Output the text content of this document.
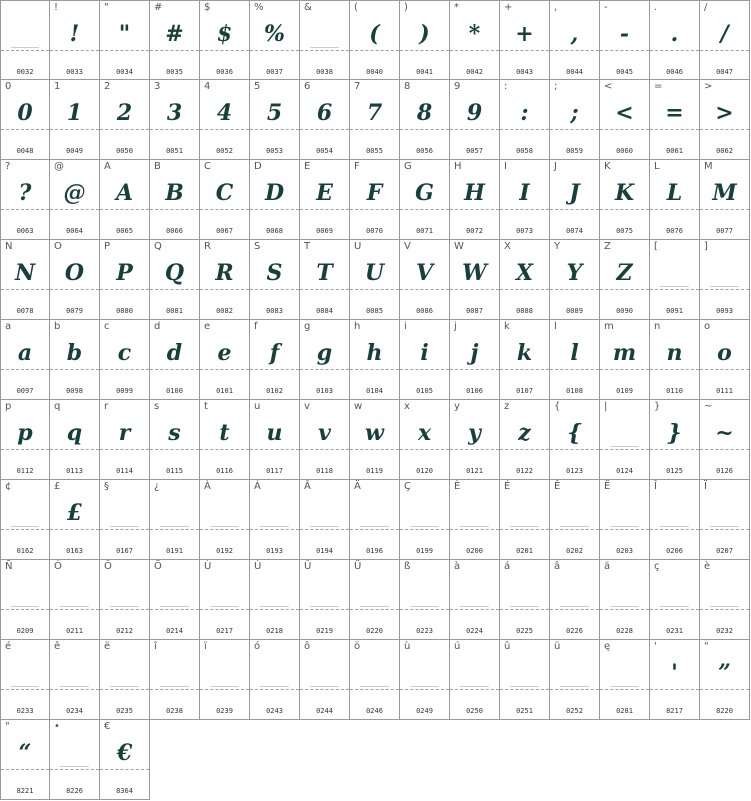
0032
!
!
0033
"
"
0034
#
#
0035
$
$
0036
%
%
0037
&
0038
(
(
0040
)
)
0041
*
*
0042
+
+
0043
,
,
0044
-
-
0045
.
.
0046
/
/
0047
0
0
0048
1
1
0049
2
2
0050
3
3
0051
4
4
0052
5
5
0053
6
6
0054
7
7
0055
8
8
0056
9
9
0057
:
:
0058
;
;
0059
<
<
0060
=
=
0061
>
>
0062
?
?
0063
@
@
0064
A
A
0065
B
B
0066
C
C
0067
D
D
0068
E
E
0069
F
F
0070
G
G
0071
H
H
0072
I
I
0073
J
J
0074
K
K
0075
L
L
0076
M
M
0077
N
N
0078
O
O
0079
P
P
0080
Q
Q
0081
R
R
0082
S
S
0083
T
T
0084
U
U
0085
V
V
0086
W
W
0087
X
X
0088
Y
Y
0089
Z
Z
0090
[
0091
]
0093
a
a
0097
b
b
0098
c
c
0099
d
d
0100
e
e
0101
f
f
0102
g
g
0103
h
h
0104
i
i
0105
j
j
0106
k
k
0107
l
l
0108
m
m
0109
n
n
0110
o
o
0111
p
p
0112
q
q
0113
r
r
0114
s
s
0115
t
t
0116
u
u
0117
v
v
0118
w
w
0119
x
x
0120
y
y
0121
z
z
0122
{
{
0123
|
0124
}
}
0125
~
~
0126
¢
0162
£
£
0163
§
0167
¿
0191
À
0192
Á
0193
Â
0194
Ä
0196
Ç
0199
È
0200
É
0201
Ê
0202
Ë
0203
Î
0206
Ï
0207
Ñ
0209
Ó
0211
Ô
0212
Ö
0214
Ù
0217
Ú
0218
Û
0219
Ü
0220
ß
0223
à
0224
á
0225
â
0226
ä
0228
ç
0231
è
0232
é
0233
ê
0234
ë
0235
î
0238
ï
0239
ó
0243
ô
0244
ö
0246
ù
0249
ú
0250
û
0251
ü
0252
ę
0281
'
'
8217
"
”
8220
"
“
8221
•
8226
€
€
8364
